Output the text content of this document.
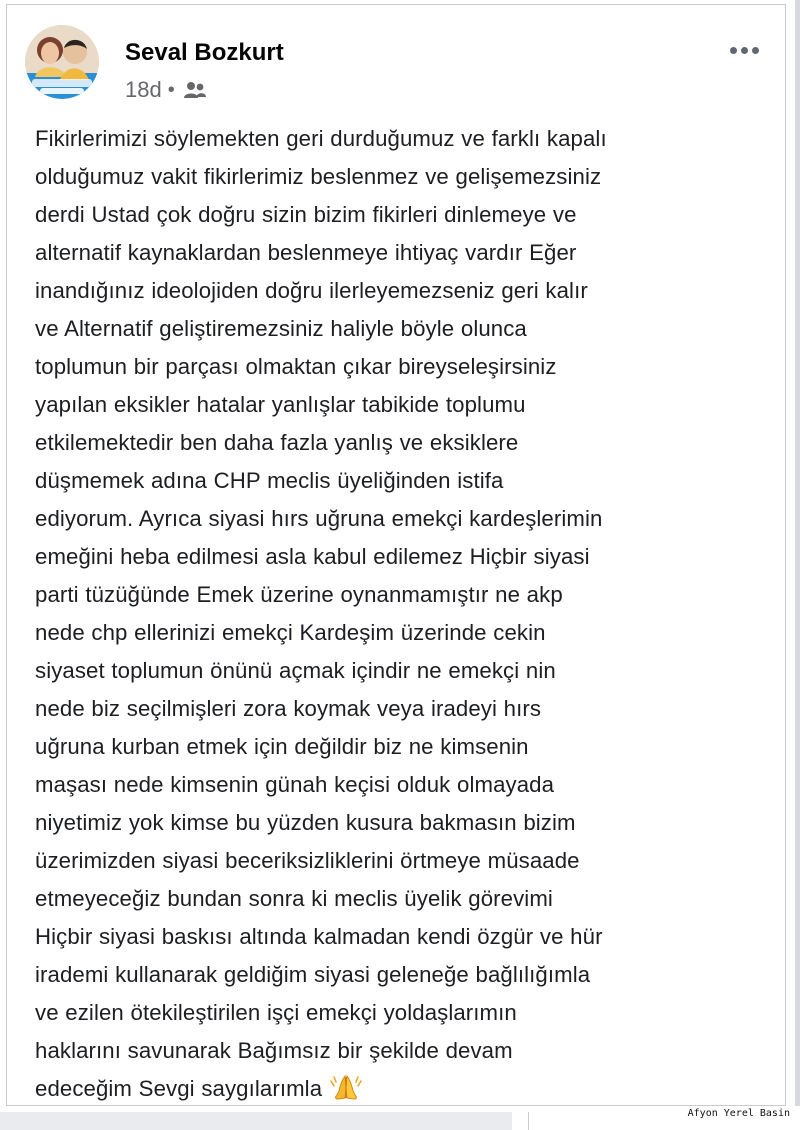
Seval Bozkurt
18d •
Fikirlerimizi söylemekten geri durduğumuz ve farklı kapalı
olduğumuz vakit fikirlerimiz beslenmez ve gelişemezsiniz
derdi Ustad çok doğru sizin bizim fikirleri dinlemeye ve
alternatif kaynaklardan beslenmeye ihtiyaç vardır Eğer
inandığınız ideolojiden doğru ilerleyemezseniz geri kalır
ve Alternatif geliştiremezsiniz haliyle böyle olunca
toplumun bir parçası olmaktan çıkar bireyseleşirsiniz
yapılan eksikler hatalar yanlışlar tabikide toplumu
etkilemektedir ben daha fazla yanlış ve eksiklere
düşmemek adına CHP meclis üyeliğinden istifa
ediyorum. Ayrıca siyasi hırs uğruna emekçi kardeşlerimin
emeğini heba edilmesi asla kabul edilemez Hiçbir siyasi
parti tüzüğünde Emek üzerine oynanmamıştır ne akp
nede chp ellerinizi emekçi Kardeşim üzerinde cekin
siyaset toplumun önünü açmak içindir ne emekçi nin
nede biz seçilmişleri zora koymak veya iradeyi hırs
uğruna kurban etmek için değildir biz ne kimsenin
maşası nede kimsenin günah keçisi olduk olmayada
niyetimiz yok kimse bu yüzden kusura bakmasın bizim
üzerimizden siyasi beceriksizliklerini örtmeye müsaade
etmeyeceğiz bundan sonra ki meclis üyelik görevimi
Hiçbir siyasi baskısı altında kalmadan kendi özgür ve hür
irademi kullanarak geldiğim siyasi geleneğe bağlılığımla
ve ezilen ötekileştirilen işçi emekçi yoldaşlarımın
haklarını savunarak Bağımsız bir şekilde devam
edeceğim Sevgi saygılarımla
Afyon Yerel Basin
